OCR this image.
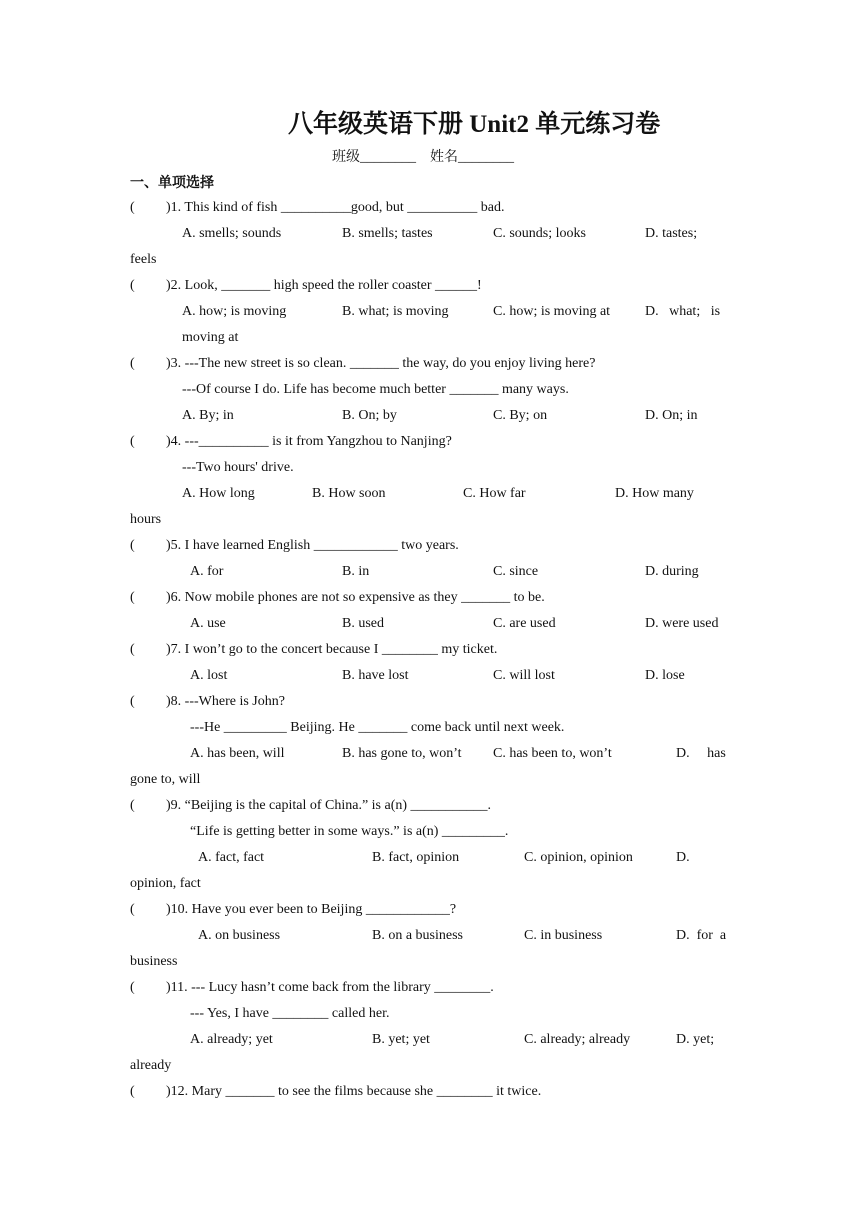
八年级英语下册 Unit2 单元练习卷
班级________    姓名________
一、单项选择
( )1. This kind of fish __________good, but __________ bad.
A. smells; sounds	B. smells; tastes	C. sounds; looks	D. tastes;
feels
( )2. Look, _______ high speed the roller coaster ______!
A. how; is moving	B. what; is moving	C. how; is moving at D.   what;   is
moving at
( )3. ---The new street is so clean. _______ the way, do you enjoy living here?
---Of course I do. Life has become much better _______ many ways.
A. By; in	B. On; by	C. By; on	D. On; in
( )4. ---__________ is it from Yangzhou to Nanjing?
---Two hours' drive.
A. How long	B. How soon	C. How far	D. How many
hours
( )5. I have learned English ____________ two years.
A. for	B. in	C. since	D. during
( )6. Now mobile phones are not so expensive as they _______ to be.
A. use	B. used	C. are used	D. were used
( )7. I won’t go to the concert because I ________ my ticket.
A. lost	B. have lost	C. will lost	D. lose
( )8. ---Where is John?
---He _________ Beijing. He _______ come back until next week.
A. has been, will	B. has gone to, won’t C. has been to, won’t	D.     has
gone to, will
( )9. “Beijing is the capital of China.” is a(n) ___________.
“Life is getting better in some ways.” is a(n) _________.
A. fact, fact	B. fact, opinion	C. opinion, opinion	D.
opinion, fact
( )10. Have you ever been to Beijing ____________?
A. on business	B. on a business	C. in business	D.  for  a
business
( )11. --- Lucy hasn’t come back from the library ________.
--- Yes, I have ________ called her.
A. already; yet	B. yet; yet	C. already; already	D. yet;
already
( )12. Mary _______ to see the films because she ________ it twice.
